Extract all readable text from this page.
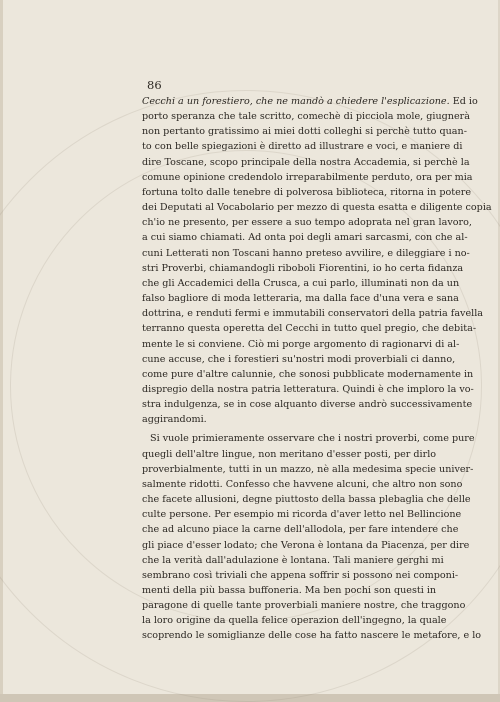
86
Cecchi a un forestiero, che ne mandò a chiedere l'esplicazione. Ed io
porto speranza che tale scritto, comechè di picciola mole, giugnerà
non pertanto gratissimo ai miei dotti colleghi si perchè tutto quan-
to con belle spiegazioni è diretto ad illustrare e voci, e maniere di
dire Toscane, scopo principale della nostra Accademia, si perchè la
comune opinione credendolo irreparabilmente perduto, ora per mia
fortuna tolto dalle tenebre di polverosa biblioteca, ritorna in potere
dei Deputati al Vocabolario per mezzo di questa esatta e diligente copia
ch'io ne presento, per essere a suo tempo adoprata nel gran lavoro,
a cui siamo chiamati. Ad onta poi degli amari sarcasmi, con che al-
cuni Letterati non Toscani hanno preteso avvilire, e dileggiare i no-
stri Proverbi, chiamandogli riboboli Fiorentini, io ho certa fidanza
che gli Accademici della Crusca, a cui parlo, illuminati non da un
falso bagliore di moda letteraria, ma dalla face d'una vera e sana
dottrina, e renduti fermi e immutabili conservatori della patria favella
terranno questa operetta del Cecchi in tutto quel pregio, che debita-
mente le si conviene. Ciò mi porge argomento di ragionarvi di al-
cune accuse, che i forestieri su'nostri modi proverbiali ci danno,
come pure d'altre calunnie, che sonosi pubblicate modernamente in
dispregio della nostra patria letteratura. Quindi è che imploro la vo-
stra indulgenza, se in cose alquanto diverse andrò successivamente
aggirandomi.
Si vuole primieramente osservare che i nostri proverbi, come pure
quegli dell'altre lingue, non meritano d'esser posti, per dirlo
proverbialmente, tutti in un mazzo, nè alla medesima specie univer-
salmente ridotti. Confesso che havvene alcuni, che altro non sono
che facete allusioni, degne piuttosto della bassa plebaglia che delle
culte persone. Per esempio mi ricorda d'aver letto nel Bellincione
che ad alcuno piace la carne dell'allodola, per fare intendere che
gli piace d'esser lodato; che Verona è lontana da Piacenza, per dire
che la verità dall'adulazione è lontana. Tali maniere gerghi mi
sembrano così triviali che appena soffrir si possono nei componi-
menti della più bassa buffoneria. Ma ben pochi son questi in
paragone di quelle tante proverbiali maniere nostre, che traggono
la loro origine da quella felice operazion dell'ingegno, la quale
scoprendo le somiglianze delle cose ha fatto nascere le metafore, e lo
